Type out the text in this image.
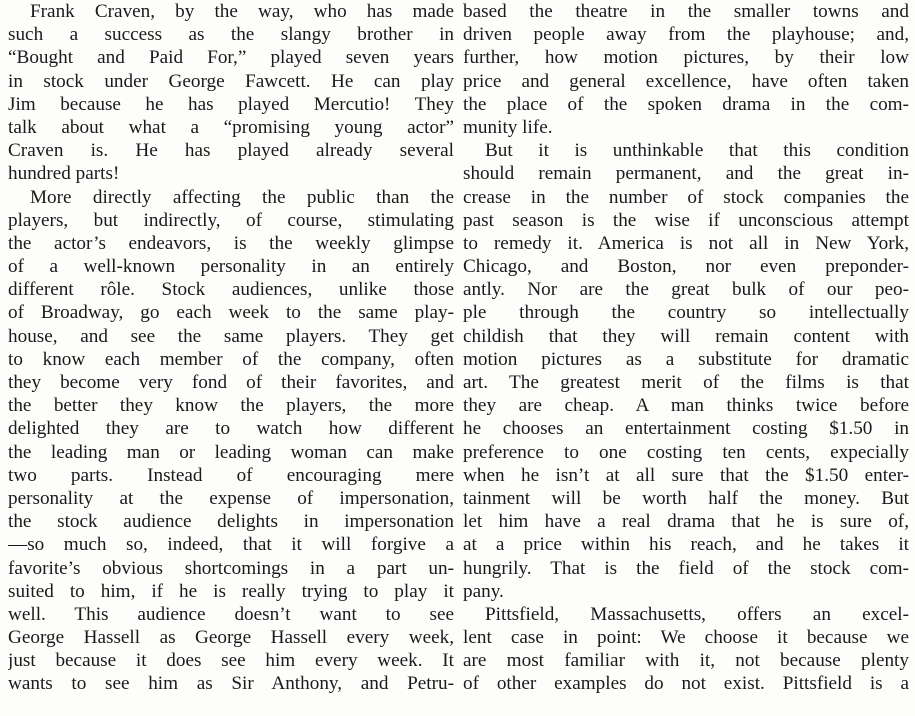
Frank Craven, by the way, who has made
such a success as the slangy brother in
“Bought and Paid For,” played seven years
in stock under George Fawcett. He can play
Jim because he has played Mercutio! They
talk about what a “promising young actor”
Craven is. He has played already several
hundred parts!

More directly affecting the public than the
players, but indirectly, of course, stimulating
the actor’s endeavors, is the weekly glimpse
of a well-known personality in an entirely
different rôle. Stock audiences, unlike those
of Broadway, go each week to the same play-
house, and see the same players. They get
to know each member of the company, often
they become very fond of their favorites, and
the better they know the players, the more
delighted they are to watch how different
the leading man or leading woman can make
two parts. Instead of encouraging mere
personality at the expense of impersonation,
the stock audience delights in impersonation
—so much so, indeed, that it will forgive a
favorite’s obvious shortcomings in a part un-
suited to him, if he is really trying to play it
well. This audience doesn’t want to see
George Hassell as George Hassell every week,
just because it does see him every week. It
wants to see him as Sir Anthony, and Petru-

based the theatre in the smaller towns and
driven people away from the playhouse; and,
further, how motion pictures, by their low
price and general excellence, have often taken
the place of the spoken drama in the com-
munity life.

But it is unthinkable that this condition
should remain permanent, and the great in-
crease in the number of stock companies the
past season is the wise if unconscious attempt
to remedy it. America is not all in New York,
Chicago, and Boston, nor even preponder-
antly. Nor are the great bulk of our peo-
ple through the country so intellectually
childish that they will remain content with
motion pictures as a substitute for dramatic
art. The greatest merit of the films is that
they are cheap. A man thinks twice before
he chooses an entertainment costing $1.50 in
preference to one costing ten cents, expecially
when he isn’t at all sure that the $1.50 enter-
tainment will be worth half the money. But
let him have a real drama that he is sure of,
at a price within his reach, and he takes it
hungrily. That is the field of the stock com-
pany.

Pittsfield, Massachusetts, offers an excel-
lent case in point: We choose it because we
are most familiar with it, not because plenty
of other examples do not exist. Pittsfield is a
